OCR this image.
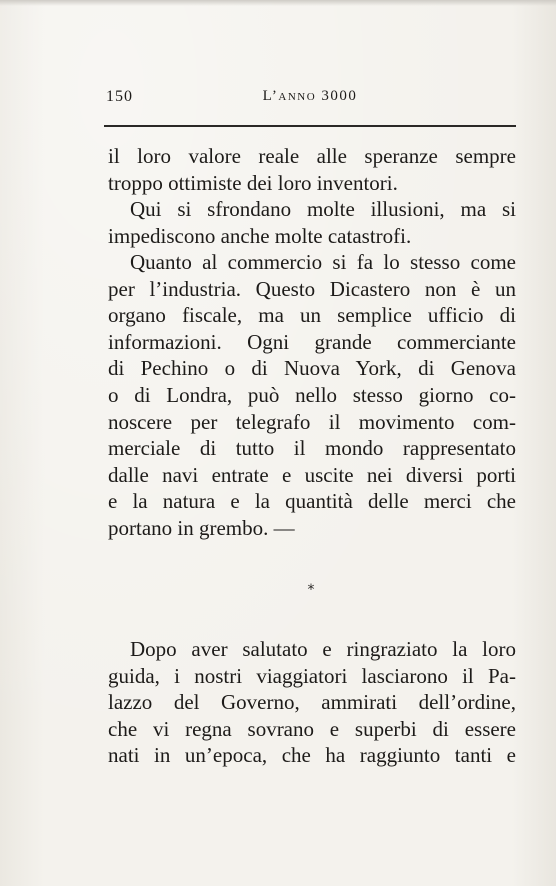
150	L’anno 3000

il loro valore reale alle speranze sempre
troppo ottimiste dei loro inventori.

Qui si sfrondano molte illusioni, ma si
impediscono anche molte catastrofi.

Quanto al commercio si fa lo stesso come
per l’industria. Questo Dicastero non è un
organo fiscale, ma un semplice ufficio di
informazioni. Ogni grande commerciante
di Pechino o di Nuova York, di Genova
o di Londra, può nello stesso giorno co-
noscere per telegrafo il movimento com-
merciale di tutto il mondo rappresentato
dalle navi entrate e uscite nei diversi porti
e la natura e la quantità delle merci che
portano in grembo. —

*

Dopo aver salutato e ringraziato la loro
guida, i nostri viaggiatori lasciarono il Pa-
lazzo del Governo, ammirati dell’ordine,
che vi regna sovrano e superbi di essere
nati in un’epoca, che ha raggiunto tanti e
